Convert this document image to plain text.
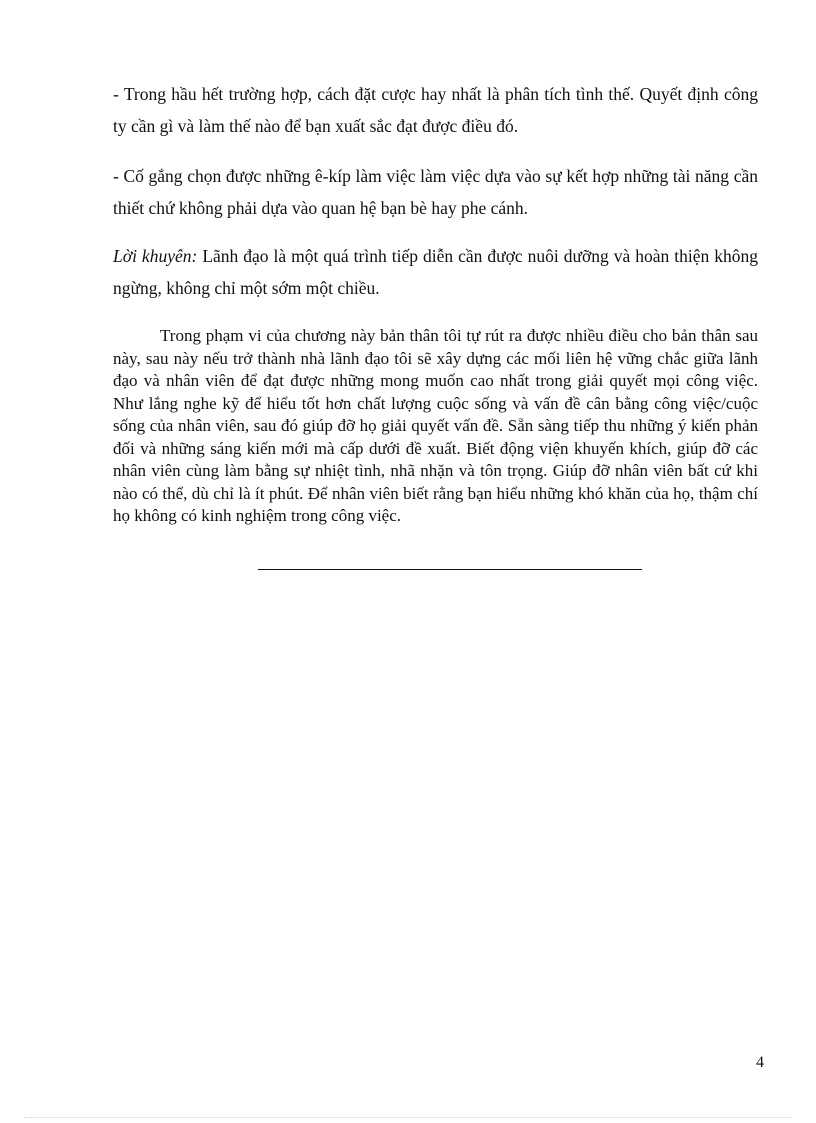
- Trong hầu hết trường hợp, cách đặt cược hay nhất là phân tích tình thế. Quyết định công ty cần gì và làm thế nào để bạn xuất sắc đạt được điều đó.

- Cố gắng chọn được những ê-kíp làm việc làm việc dựa vào sự kết hợp những tài năng cần thiết chứ không phải dựa vào quan hệ bạn bè hay phe cánh.

Lời khuyên: Lãnh đạo là một quá trình tiếp diễn cần được nuôi dưỡng và hoàn thiện không ngừng, không chỉ một sớm một chiều.

Trong phạm vi của chương này bản thân tôi tự rút ra được nhiều điều cho bản thân sau này, sau này nếu trở thành nhà lãnh đạo tôi sẽ xây dựng các mối liên hệ vững chắc giữa lãnh đạo và nhân viên để đạt được những mong muốn cao nhất trong giải quyết mọi công việc. Như lắng nghe kỹ để hiểu tốt hơn chất lượng cuộc sống và vấn đề cân bằng công việc/cuộc sống của nhân viên, sau đó giúp đỡ họ giải quyết vấn đề. Sẵn sàng tiếp thu những ý kiến phản đối và những sáng kiến mới mà cấp dưới đề xuất. Biết động viện khuyến khích, giúp đỡ các nhân viên cùng làm bằng sự nhiệt tình, nhã nhặn và tôn trọng. Giúp đỡ nhân viên bất cứ khi nào có thể, dù chỉ là ít phút. Để nhân viên biết rằng bạn hiểu những khó khăn của họ, thậm chí họ không có kinh nghiệm trong công việc.

4
